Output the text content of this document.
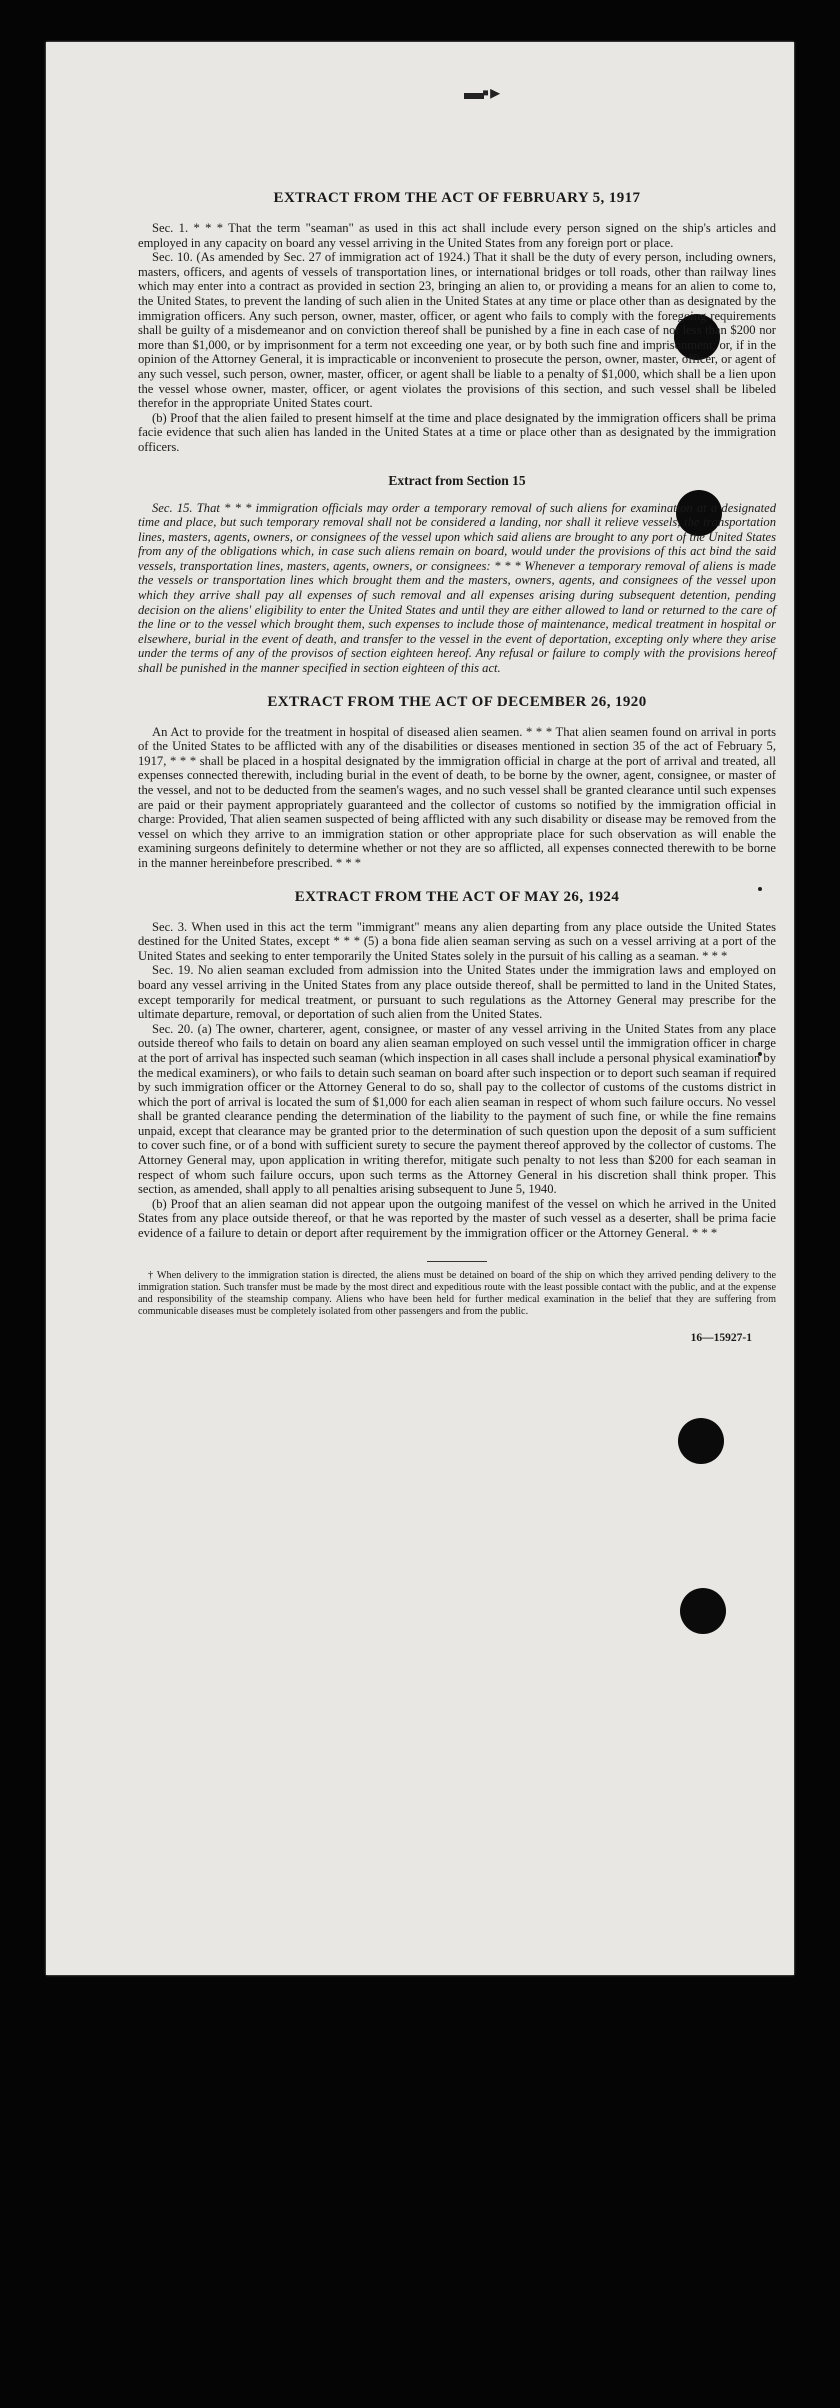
▬▪ ▸
EXTRACT FROM THE ACT OF FEBRUARY 5, 1917

Sec. 1. * * * That the term "seaman" as used in this act shall include every person signed on the ship's articles and employed in any capacity on board any vessel arriving in the United States from any foreign port or place.

Sec. 10. (As amended by Sec. 27 of immigration act of 1924.) That it shall be the duty of every person, including owners, masters, officers, and agents of vessels of transportation lines, or international bridges or toll roads, other than railway lines which may enter into a contract as provided in section 23, bringing an alien to, or providing a means for an alien to come to, the United States, to prevent the landing of such alien in the United States at any time or place other than as designated by the immigration officers. Any such person, owner, master, officer, or agent who fails to comply with the foregoing requirements shall be guilty of a misdemeanor and on conviction thereof shall be punished by a fine in each case of not less than $200 nor more than $1,000, or by imprisonment for a term not exceeding one year, or by both such fine and imprisonment; or, if in the opinion of the Attorney General, it is impracticable or inconvenient to prosecute the person, owner, master, officer, or agent of any such vessel, such person, owner, master, officer, or agent shall be liable to a penalty of $1,000, which shall be a lien upon the vessel whose owner, master, officer, or agent violates the provisions of this section, and such vessel shall be libeled therefor in the appropriate United States court.

(b) Proof that the alien failed to present himself at the time and place designated by the immigration officers shall be prima facie evidence that such alien has landed in the United States at a time or place other than as designated by the immigration officers.

Extract from Section 15

Sec. 15. That * * * immigration officials may order a temporary removal of such aliens for examination at a designated time and place, but such temporary removal shall not be considered a landing, nor shall it relieve vessels, the transportation lines, masters, agents, owners, or consignees of the vessel upon which said aliens are brought to any port of the United States from any of the obligations which, in case such aliens remain on board, would under the provisions of this act bind the said vessels, transportation lines, masters, agents, owners, or consignees: * * * Whenever a temporary removal of aliens is made the vessels or transportation lines which brought them and the masters, owners, agents, and consignees of the vessel upon which they arrive shall pay all expenses of such removal and all expenses arising during subsequent detention, pending decision on the aliens' eligibility to enter the United States and until they are either allowed to land or returned to the care of the line or to the vessel which brought them, such expenses to include those of maintenance, medical treatment in hospital or elsewhere, burial in the event of death, and transfer to the vessel in the event of deportation, excepting only where they arise under the terms of any of the provisos of section eighteen hereof. Any refusal or failure to comply with the provisions hereof shall be punished in the manner specified in section eighteen of this act.

EXTRACT FROM THE ACT OF DECEMBER 26, 1920

An Act to provide for the treatment in hospital of diseased alien seamen. * * * That alien seamen found on arrival in ports of the United States to be afflicted with any of the disabilities or diseases mentioned in section 35 of the act of February 5, 1917, * * * shall be placed in a hospital designated by the immigration official in charge at the port of arrival and treated, all expenses connected therewith, including burial in the event of death, to be borne by the owner, agent, consignee, or master of the vessel, and not to be deducted from the seamen's wages, and no such vessel shall be granted clearance until such expenses are paid or their payment appropriately guaranteed and the collector of customs so notified by the immigration official in charge: Provided, That alien seamen suspected of being afflicted with any such disability or disease may be removed from the vessel on which they arrive to an immigration station or other appropriate place for such observation as will enable the examining surgeons definitely to determine whether or not they are so afflicted, all expenses connected therewith to be borne in the manner hereinbefore prescribed. * * *

EXTRACT FROM THE ACT OF MAY 26, 1924

Sec. 3. When used in this act the term "immigrant" means any alien departing from any place outside the United States destined for the United States, except * * * (5) a bona fide alien seaman serving as such on a vessel arriving at a port of the United States and seeking to enter temporarily the United States solely in the pursuit of his calling as a seaman. * * *

Sec. 19. No alien seaman excluded from admission into the United States under the immigration laws and employed on board any vessel arriving in the United States from any place outside thereof, shall be permitted to land in the United States, except temporarily for medical treatment, or pursuant to such regulations as the Attorney General may prescribe for the ultimate departure, removal, or deportation of such alien from the United States.

Sec. 20. (a) The owner, charterer, agent, consignee, or master of any vessel arriving in the United States from any place outside thereof who fails to detain on board any alien seaman employed on such vessel until the immigration officer in charge at the port of arrival has inspected such seaman (which inspection in all cases shall include a personal physical examination by the medical examiners), or who fails to detain such seaman on board after such inspection or to deport such seaman if required by such immigration officer or the Attorney General to do so, shall pay to the collector of customs of the customs district in which the port of arrival is located the sum of $1,000 for each alien seaman in respect of whom such failure occurs. No vessel shall be granted clearance pending the determination of the liability to the payment of such fine, or while the fine remains unpaid, except that clearance may be granted prior to the determination of such question upon the deposit of a sum sufficient to cover such fine, or of a bond with sufficient surety to secure the payment thereof approved by the collector of customs. The Attorney General may, upon application in writing therefor, mitigate such penalty to not less than $200 for each seaman in respect of whom such failure occurs, upon such terms as the Attorney General in his discretion shall think proper. This section, as amended, shall apply to all penalties arising subsequent to June 5, 1940.

(b) Proof that an alien seaman did not appear upon the outgoing manifest of the vessel on which he arrived in the United States from any place outside thereof, or that he was reported by the master of such vessel as a deserter, shall be prima facie evidence of a failure to detain or deport after requirement by the immigration officer or the Attorney General. * * *

† When delivery to the immigration station is directed, the aliens must be detained on board of the ship on which they arrived pending delivery to the immigration station. Such transfer must be made by the most direct and expeditious route with the least possible contact with the public, and at the expense and responsibility of the steamship company. Aliens who have been held for further medical examination in the belief that they are suffering from communicable diseases must be completely isolated from other passengers and from the public.

16—15927-1
